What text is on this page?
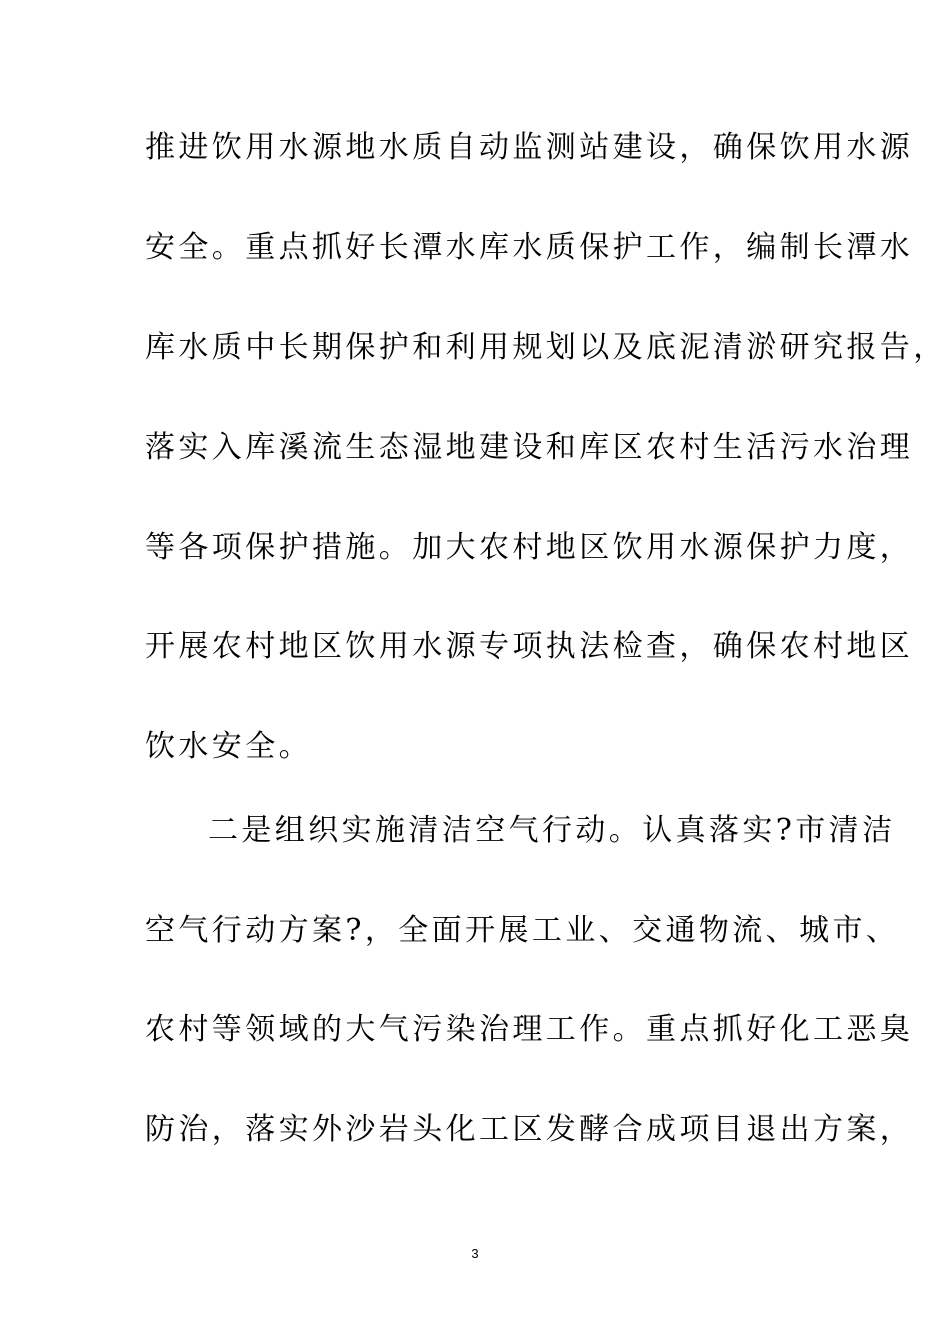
推进饮用水源地水质自动监测站建设，确保饮用水源

安全。重点抓好长潭水库水质保护工作，编制长潭水

库水质中长期保护和利用规划以及底泥清淤研究报告，

落实入库溪流生态湿地建设和库区农村生活污水治理

等各项保护措施。加大农村地区饮用水源保护力度，

开展农村地区饮用水源专项执法检查，确保农村地区

饮水安全。

二是组织实施清洁空气行动。认真落实?市清洁

空气行动方案?，全面开展工业、交通物流、城市、

农村等领域的大气污染治理工作。重点抓好化工恶臭

防治，落实外沙岩头化工区发酵合成项目退出方案，

3
